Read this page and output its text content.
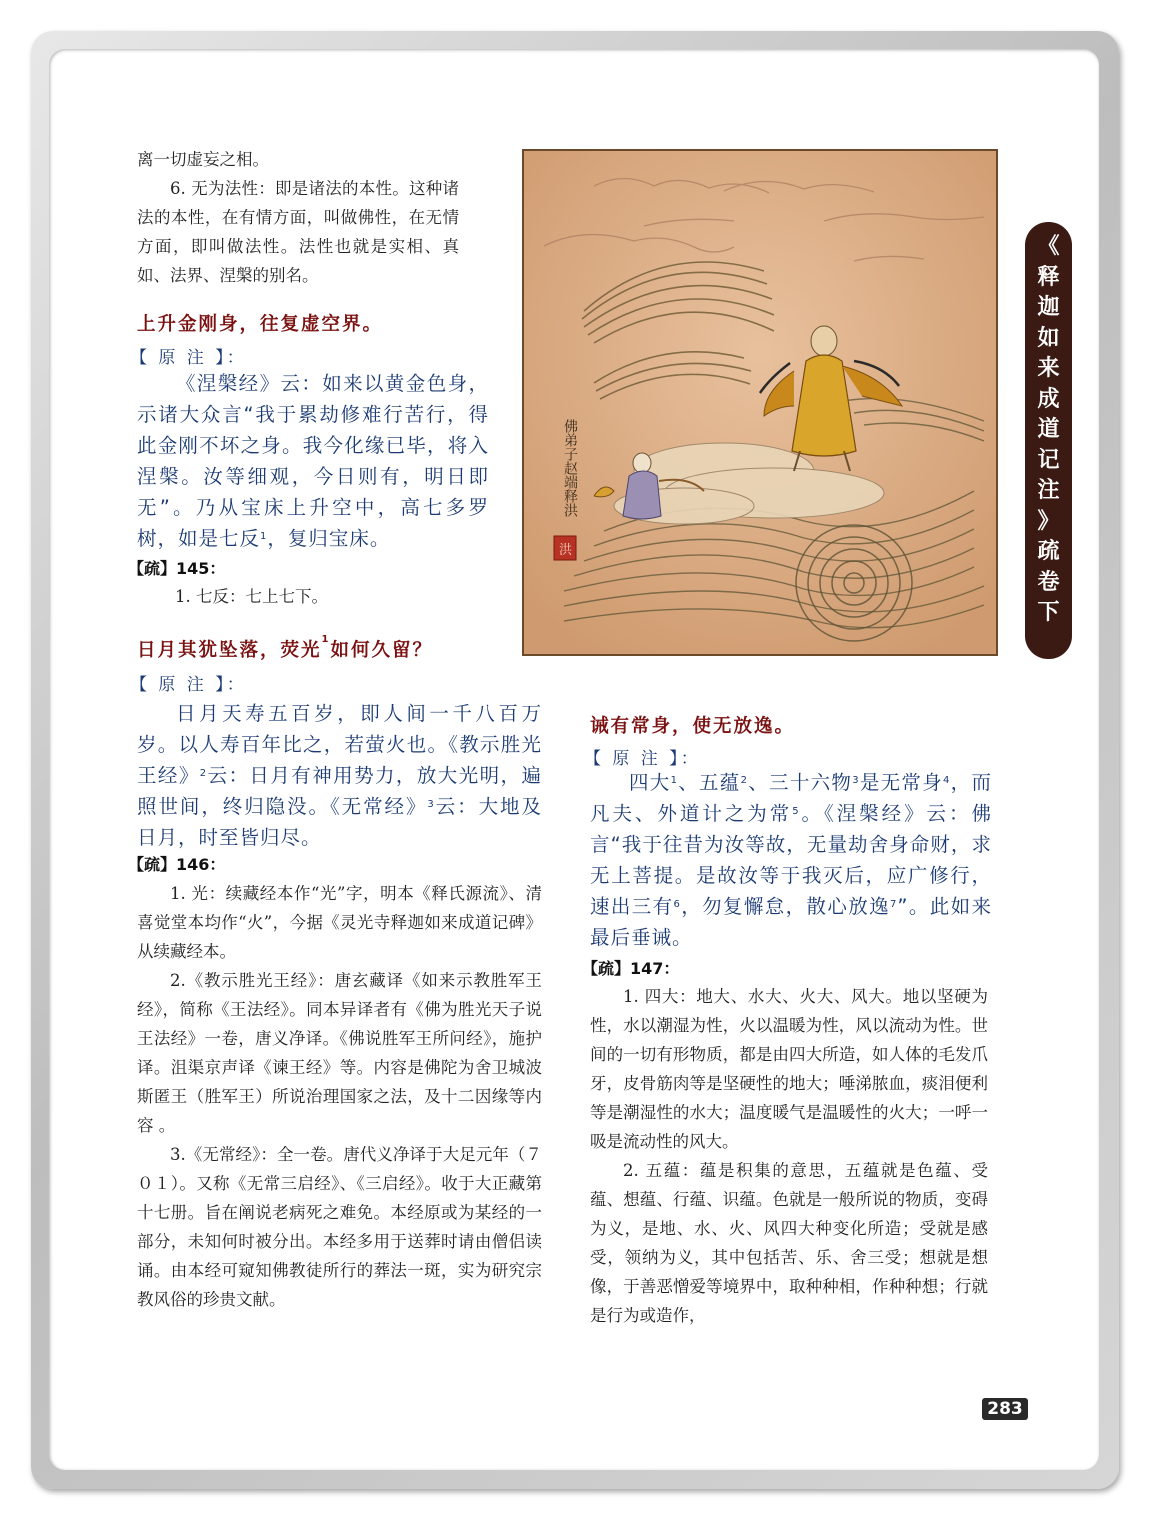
离一切虚妄之相。

6. 无为法性：即是诸法的本性。这种诸法的本性，在有情方面，叫做佛性，在无情方面，即叫做法性。法性也就是实相、真如、法界、涅槃的别名。

上升金刚身，往复虚空界。
【 原 注 】：

《涅槃经》云：如来以黄金色身，示诸大众言“我于累劫修难行苦行，得此金刚不坏之身。我今化缘已毕，将入涅槃。汝等细观，今日则有，明日即无”。乃从宝床上升空中，高七多罗树，如是七反$^1$，复归宝床。

【疏】145：
1. 七反：七上七下。
日月其犹坠落，荧光$^1$如何久留？
【 原 注 】：

日月天寿五百岁，即人间一千八百万岁。以人寿百年比之，若萤火也。《教示胜光王经》$^2$云：日月有神用势力，放大光明，遍照世间，终归隐没。《无常经》$^3$云：大地及日月，时至皆归尽。

【疏】146：

1. 光：续藏经本作“光”字，明本《释氏源流》、清喜觉堂本均作“火”，今据《灵光寺释迦如来成道记碑》从续藏经本。

2.《教示胜光王经》：唐玄藏译《如来示教胜军王经》，简称《王法经》。同本异译者有《佛为胜光天子说王法经》一卷，唐义净译。《佛说胜军王所问经》，施护译。沮渠京声译《谏王经》等。内容是佛陀为舍卫城波斯匿王（胜军王）所说治理国家之法，及十二因缘等内容 。

3.《无常经》：全一卷。唐代义净译于大足元年（７０１）。又称《无常三启经》、《三启经》。收于大正藏第十七册。旨在阐说老病死之难免。本经原或为某经的一部分，未知何时被分出。本经多用于送葬时请由僧侣读诵。由本经可窥知佛教徒所行的葬法一斑，实为研究宗教风俗的珍贵文献。

佛弟子赵端释洪
洪
诫有常身，使无放逸。
【 原 注 】：

四大$^1$、五蕴$^2$、三十六物$^3$是无常身$^4$，而凡夫、外道计之为常$^5$。《涅槃经》云：佛言“我于往昔为汝等故，无量劫舍身命财，求无上菩提。是故汝等于我灭后，应广修行，速出三有$^6$，勿复懈怠，散心放逸$^7$”。此如来最后垂诫。

【疏】147：

1. 四大：地大、水大、火大、风大。地以坚硬为性，水以潮湿为性，火以温暖为性，风以流动为性。世间的一切有形物质，都是由四大所造，如人体的毛发爪牙，皮骨筋肉等是坚硬性的地大；唾涕脓血，痰泪便利等是潮湿性的水大；温度暖气是温暖性的火大；一呼一吸是流动性的风大。

2. 五蕴：蕴是积集的意思，五蕴就是色蕴、受蕴、想蕴、行蕴、识蕴。色就是一般所说的物质，变碍为义，是地、水、火、风四大种变化所造；受就是感受，领纳为义，其中包括苦、乐、舍三受；想就是想像，于善恶憎爱等境界中，取种种相，作种种想；行就是行为或造作，

《
释
迦
如
来
成
道
记
注
》
疏
卷
下
283
